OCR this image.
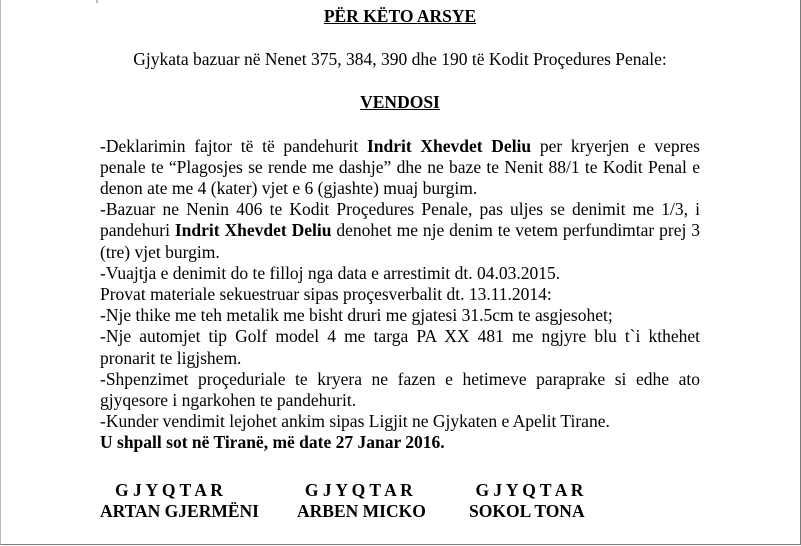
PËR KËTO ARSYE

Gjykata bazuar në Nenet 375, 384, 390 dhe 190 të Kodit Proçedures Penale:

VENDOSI

-Deklarimin fajtor të të pandehurit Indrit Xhevdet Deliu per kryerjen e vepres penale te “Plagosjes se rende me dashje” dhe ne baze te Nenit 88/1 te Kodit Penal e denon ate me 4 (kater) vjet e 6 (gjashte) muaj burgim.

-Bazuar ne Nenin 406 te Kodit Proçedures Penale, pas uljes se denimit me 1/3, i pandehuri Indrit Xhevdet Deliu denohet me nje denim te vetem perfundimtar prej 3 (tre) vjet burgim.

-Vuajtja e denimit do te filloj nga data e arrestimit dt. 04.03.2015.

Provat materiale sekuestruar sipas proçesverbalit dt. 13.11.2014:

-Nje thike me teh metalik me bisht druri me gjatesi 31.5cm te asgjesohet;

-Nje automjet tip Golf model 4 me targa PA XX 481 me ngjyre blu t`i kthehet pronarit te ligjshem.

-Shpenzimet proçeduriale te kryera ne fazen e hetimeve paraprake si edhe ato gjyqesore i ngarkohen te pandehurit.

-Kunder vendimit lejohet ankim sipas Ligjit ne Gjykaten e Apelit Tirane.

U shpall sot në Tiranë, më date 27 Janar 2016.

G J Y Q T A R	G J Y Q T A R	G J Y Q T A R
ARTAN GJERMËNI	ARBEN MICKO	SOKOL TONA
